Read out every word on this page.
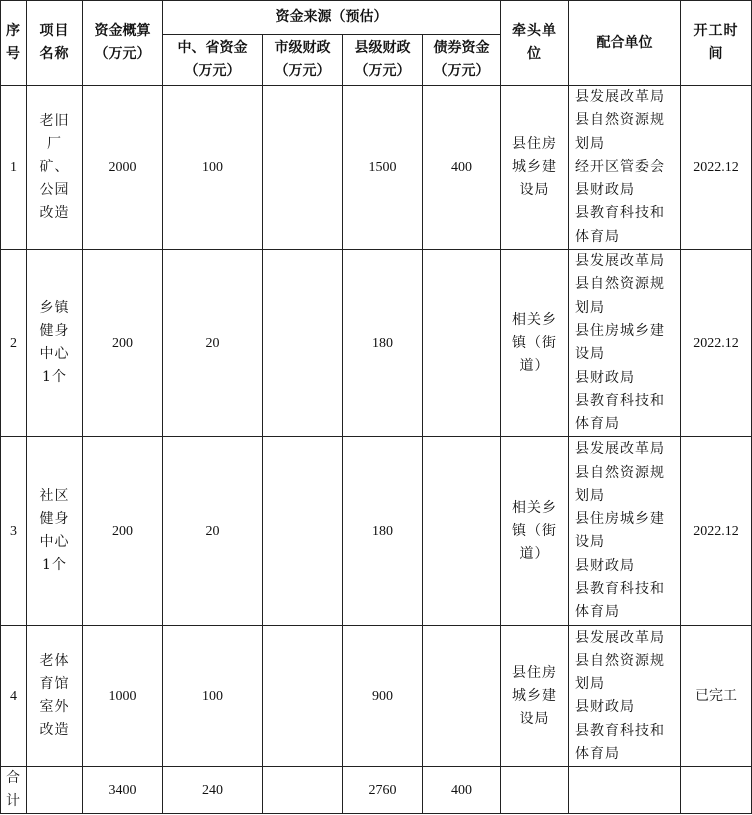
序号	项目名称	资金概算（万元）	资金来源（预估）				牵头单位	配合单位	开工时间
			中、省资金（万元）	市级财政（万元）	县级财政（万元）	债券资金（万元）			
1	老旧厂矿、公园改造	2000	100		1500	400	县住房城乡建设局	县发展改革局
县自然资源规划局
经开区管委会
县财政局
县教育科技和体育局	2022.12
2	乡镇健身中心1个	200	20		180		相关乡镇（街道）	县发展改革局
县自然资源规划局
县住房城乡建设局
县财政局
县教育科技和体育局	2022.12
3	社区健身中心1个	200	20		180		相关乡镇（街道）	县发展改革局
县自然资源规划局
县住房城乡建设局
县财政局
县教育科技和体育局	2022.12
4	老体育馆室外改造	1000	100		900		县住房城乡建设局	县发展改革局
县自然资源规划局
县财政局
县教育科技和体育局	已完工
合计		3400	240		2760	400			
